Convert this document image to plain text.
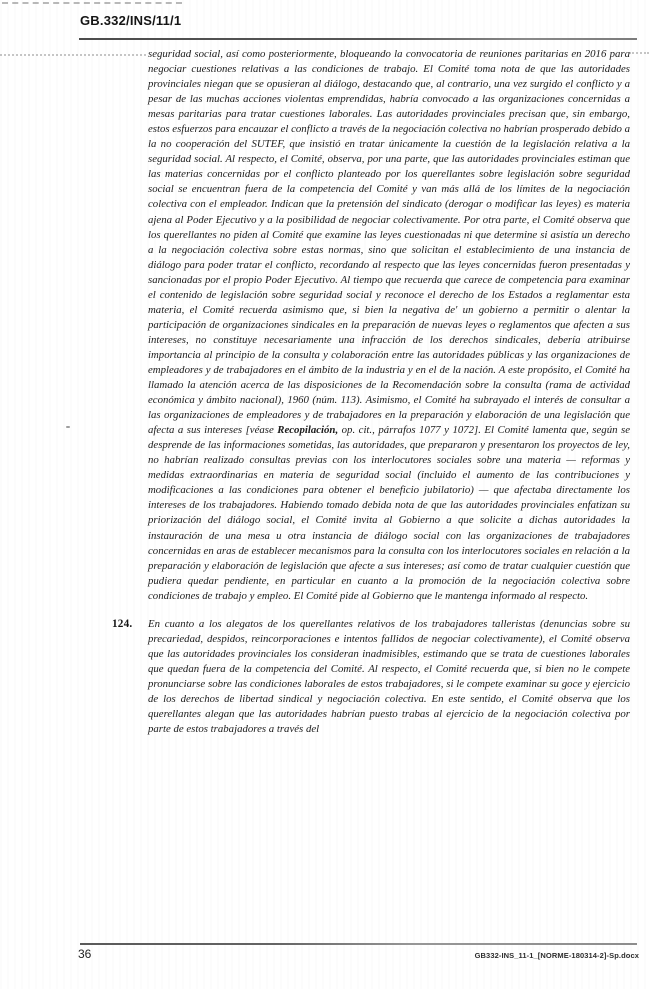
GB.332/INS/11/1

seguridad social, así como posteriormente, bloqueando la convocatoria de reuniones paritarias en 2016 para negociar cuestiones relativas a las condiciones de trabajo. El Comité toma nota de que las autoridades provinciales niegan que se opusieran al diálogo, destacando que, al contrario, una vez surgido el conflicto y a pesar de las muchas acciones violentas emprendidas, habría convocado a las organizaciones concernidas a mesas paritarias para tratar cuestiones laborales. Las autoridades provinciales precisan que, sin embargo, estos esfuerzos para encauzar el conflicto a través de la negociación colectiva no habrían prosperado debido a la no cooperación del SUTEF, que insistió en tratar únicamente la cuestión de la legislación relativa a la seguridad social. Al respecto, el Comité, observa, por una parte, que las autoridades provinciales estiman que las materias concernidas por el conflicto planteado por los querellantes sobre legislación sobre seguridad social se encuentran fuera de la competencia del Comité y van más allá de los límites de la negociación colectiva con el empleador. Indican que la pretensión del sindicato (derogar o modificar las leyes) es materia ajena al Poder Ejecutivo y a la posibilidad de negociar colectivamente. Por otra parte, el Comité observa que los querellantes no piden al Comité que examine las leyes cuestionadas ni que determine si asistía un derecho a la negociación colectiva sobre estas normas, sino que solicitan el establecimiento de una instancia de diálogo para poder tratar el conflicto, recordando al respecto que las leyes concernidas fueron presentadas y sancionadas por el propio Poder Ejecutivo. Al tiempo que recuerda que carece de competencia para examinar el contenido de legislación sobre seguridad social y reconoce el derecho de los Estados a reglamentar esta materia, el Comité recuerda asimismo que, si bien la negativa de' un gobierno a permitir o alentar la participación de organizaciones sindicales en la preparación de nuevas leyes o reglamentos que afecten a sus intereses, no constituye necesariamente una infracción de los derechos sindicales, debería atribuirse importancia al principio de la consulta y colaboración entre las autoridades públicas y las organizaciones de empleadores y de trabajadores en el ámbito de la industria y en el de la nación. A este propósito, el Comité ha llamado la atención acerca de las disposiciones de la Recomendación sobre la consulta (rama de actividad económica y ámbito nacional), 1960 (núm. 113). Asimismo, el Comité ha subrayado el interés de consultar a las organizaciones de empleadores y de trabajadores en la preparación y elaboración de una legislación que afecta a sus intereses [véase Recopilación, op. cit., párrafos 1077 y 1072]. El Comité lamenta que, según se desprende de las informaciones sometidas, las autoridades, que prepararon y presentaron los proyectos de ley, no habrían realizado consultas previas con los interlocutores sociales sobre una materia — reformas y medidas extraordinarias en materia de seguridad social (incluido el aumento de las contribuciones y modificaciones a las condiciones para obtener el beneficio jubilatorio) — que afectaba directamente los intereses de los trabajadores. Habiendo tomado debida nota de que las autoridades provinciales enfatizan su priorización del diálogo social, el Comité invita al Gobierno a que solicite a dichas autoridades la instauración de una mesa u otra instancia de diálogo social con las organizaciones de trabajadores concernidas en aras de establecer mecanismos para la consulta con los interlocutores sociales en relación a la preparación y elaboración de legislación que afecte a sus intereses; así como de tratar cualquier cuestión que pudiera quedar pendiente, en particular en cuanto a la promoción de la negociación colectiva sobre condiciones de trabajo y empleo. El Comité pide al Gobierno que le mantenga informado al respecto.

124. En cuanto a los alegatos de los querellantes relativos de los trabajadores talleristas (denuncias sobre su precariedad, despidos, reincorporaciones e intentos fallidos de negociar colectivamente), el Comité observa que las autoridades provinciales los consideran inadmisibles, estimando que se trata de cuestiones laborales que quedan fuera de la competencia del Comité. Al respecto, el Comité recuerda que, si bien no le compete pronunciarse sobre las condiciones laborales de estos trabajadores, si le compete examinar su goce y ejercicio de los derechos de libertad sindical y negociación colectiva. En este sentido, el Comité observa que los querellantes alegan que las autoridades habrían puesto trabas al ejercicio de la negociación colectiva por parte de estos trabajadores a través del

36	GB332-INS_11-1_[NORME-180314-2]-Sp.docx
